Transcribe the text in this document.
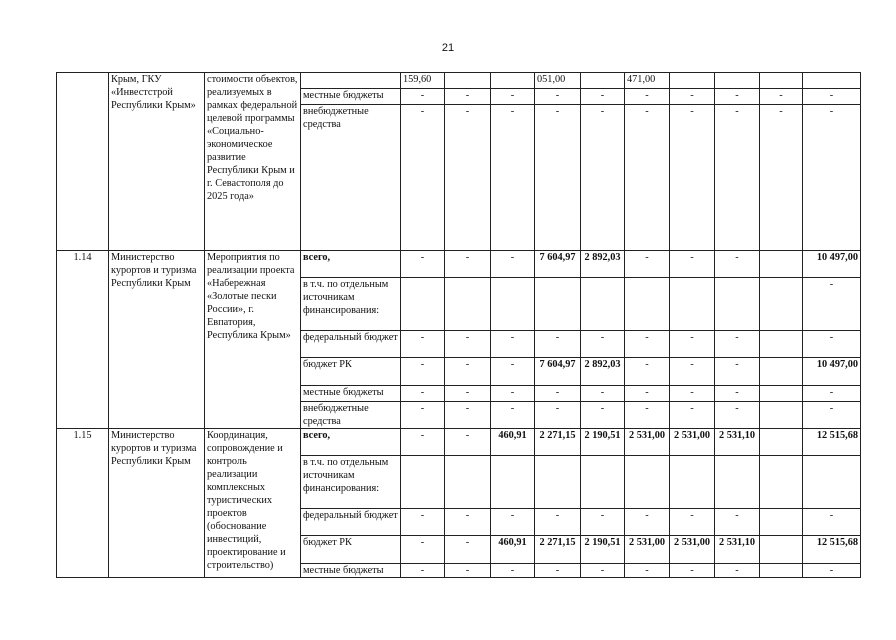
21
	Крым, ГКУ «Инвестстрой Республики Крым»	стоимости объектов, реализуемых в рамках федеральной целевой программы «Социально-экономическое развитие Республики Крым и г. Севастополя до 2025 года»		159,60			051,00		471,00				
			местные бюджеты	-	-	-	-	-	-	-	-	-	-
			внебюджетные средства	-	-	-	-	-	-	-	-	-	-
1.14	Министерство курортов и туризма Республики Крым	Мероприятия по реализации проекта «Набережная «Золотые пески России», г. Евпатория, Республика Крым»	всего,	-	-	-	7 604,97	2 892,03	-	-	-		10 497,00
			в т.ч. по отдельным источникам финансирования:										-
			федеральный бюджет	-	-	-	-	-	-	-	-		-
			бюджет РК	-	-	-	7 604,97	2 892,03	-	-	-		10 497,00
			местные бюджеты	-	-	-	-	-	-	-	-		-
			внебюджетные средства	-	-	-	-	-	-	-	-		-
1.15	Министерство курортов и туризма Республики Крым	Координация, сопровождение и контроль реализации комплексных туристических проектов (обоснование инвестиций, проектирование и строительство)	всего,	-	-	460,91	2 271,15	2 190,51	2 531,00	2 531,00	2 531,10		12 515,68
			в т.ч. по отдельным источникам финансирования:										
			федеральный бюджет	-	-	-	-	-	-	-	-		-
			бюджет РК	-	-	460,91	2 271,15	2 190,51	2 531,00	2 531,00	2 531,10		12 515,68
			местные бюджеты	-	-	-	-	-	-	-	-		-
